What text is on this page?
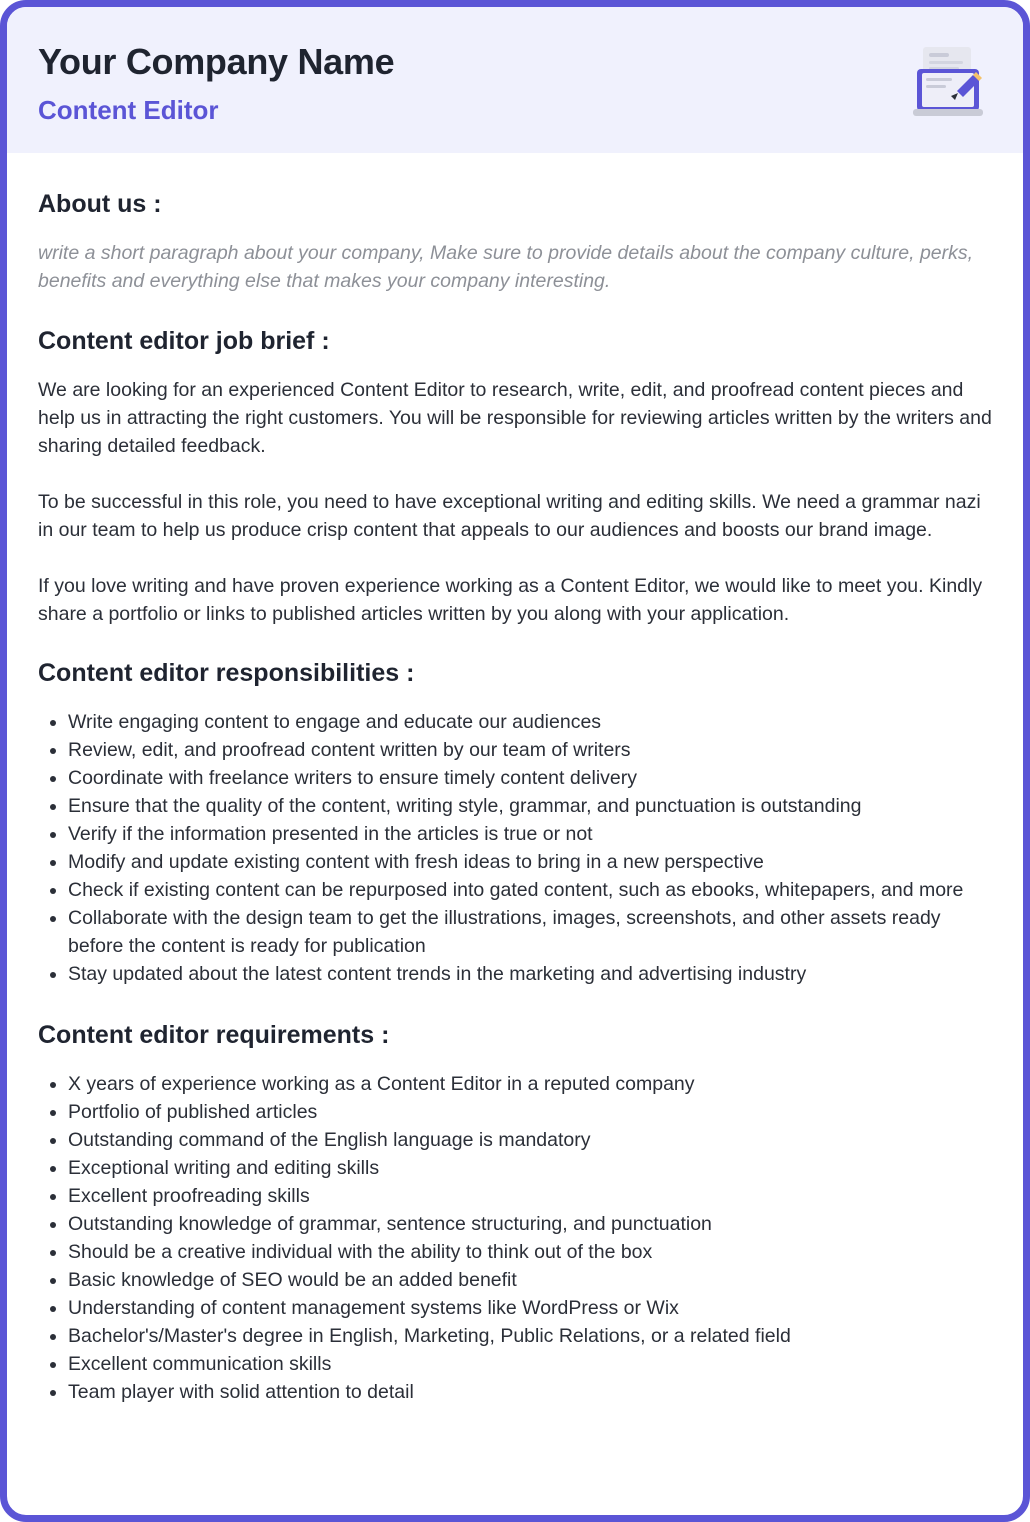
Your Company Name
Content Editor
About us :

write a short paragraph about your company, Make sure to provide details about the company culture, perks, benefits and everything else that makes your company interesting.

Content editor job brief :

We are looking for an experienced Content Editor to research, write, edit, and proofread content pieces and help us in attracting the right customers. You will be responsible for reviewing articles written by the writers and sharing detailed feedback.

To be successful in this role, you need to have exceptional writing and editing skills. We need a grammar nazi in our team to help us produce crisp content that appeals to our audiences and boosts our brand image.

If you love writing and have proven experience working as a Content Editor, we would like to meet you. Kindly share a portfolio or links to published articles written by you along with your application.

Content editor responsibilities :
• Write engaging content to engage and educate our audiences
• Review, edit, and proofread content written by our team of writers
• Coordinate with freelance writers to ensure timely content delivery
• Ensure that the quality of the content, writing style, grammar, and punctuation is outstanding
• Verify if the information presented in the articles is true or not
• Modify and update existing content with fresh ideas to bring in a new perspective
• Check if existing content can be repurposed into gated content, such as ebooks, whitepapers, and more
• Collaborate with the design team to get the illustrations, images, screenshots, and other assets ready before the content is ready for publication
• Stay updated about the latest content trends in the marketing and advertising industry
Content editor requirements :
• X years of experience working as a Content Editor in a reputed company
• Portfolio of published articles
• Outstanding command of the English language is mandatory
• Exceptional writing and editing skills
• Excellent proofreading skills
• Outstanding knowledge of grammar, sentence structuring, and punctuation
• Should be a creative individual with the ability to think out of the box
• Basic knowledge of SEO would be an added benefit
• Understanding of content management systems like WordPress or Wix
• Bachelor's/Master's degree in English, Marketing, Public Relations, or a related field
• Excellent communication skills
• Team player with solid attention to detail
